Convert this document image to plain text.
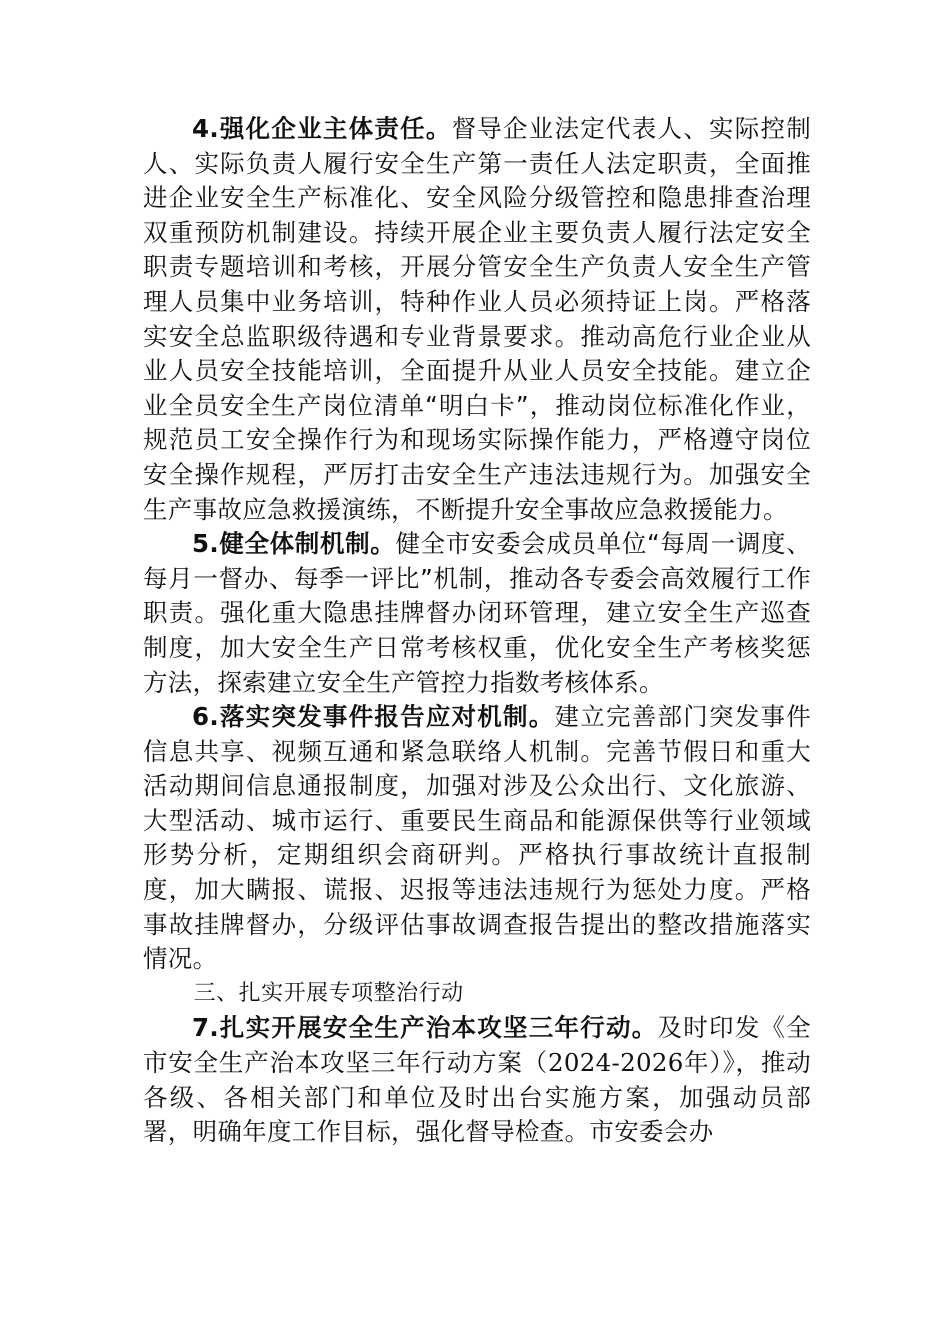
4.强化企业主体责任。督导企业法定代表人、实际控制人、实际负责人履行安全生产第一责任人法定职责，全面推进企业安全生产标准化、安全风险分级管控和隐患排查治理双重预防机制建设。持续开展企业主要负责人履行法定安全职责专题培训和考核，开展分管安全生产负责人安全生产管理人员集中业务培训，特种作业人员必须持证上岗。严格落实安全总监职级待遇和专业背景要求。推动高危行业企业从业人员安全技能培训，全面提升从业人员安全技能。建立企业全员安全生产岗位清单“明白卡”，推动岗位标准化作业，规范员工安全操作行为和现场实际操作能力，严格遵守岗位安全操作规程，严厉打击安全生产违法违规行为。加强安全生产事故应急救援演练，不断提升安全事故应急救援能力。

5.健全体制机制。健全市安委会成员单位“每周一调度、每月一督办、每季一评比”机制，推动各专委会高效履行工作职责。强化重大隐患挂牌督办闭环管理，建立安全生产巡查制度，加大安全生产日常考核权重，优化安全生产考核奖惩方法，探索建立安全生产管控力指数考核体系。

6.落实突发事件报告应对机制。建立完善部门突发事件信息共享、视频互通和紧急联络人机制。完善节假日和重大活动期间信息通报制度，加强对涉及公众出行、文化旅游、大型活动、城市运行、重要民生商品和能源保供等行业领域形势分析，定期组织会商研判。严格执行事故统计直报制度，加大瞒报、谎报、迟报等违法违规行为惩处力度。严格事故挂牌督办，分级评估事故调查报告提出的整改措施落实情况。

三、扎实开展专项整治行动

7.扎实开展安全生产治本攻坚三年行动。及时印发《全市安全生产治本攻坚三年行动方案（2024-2026年）》，推动各级、各相关部门和单位及时出台实施方案，加强动员部署，明确年度工作目标，强化督导检查。市安委会办
